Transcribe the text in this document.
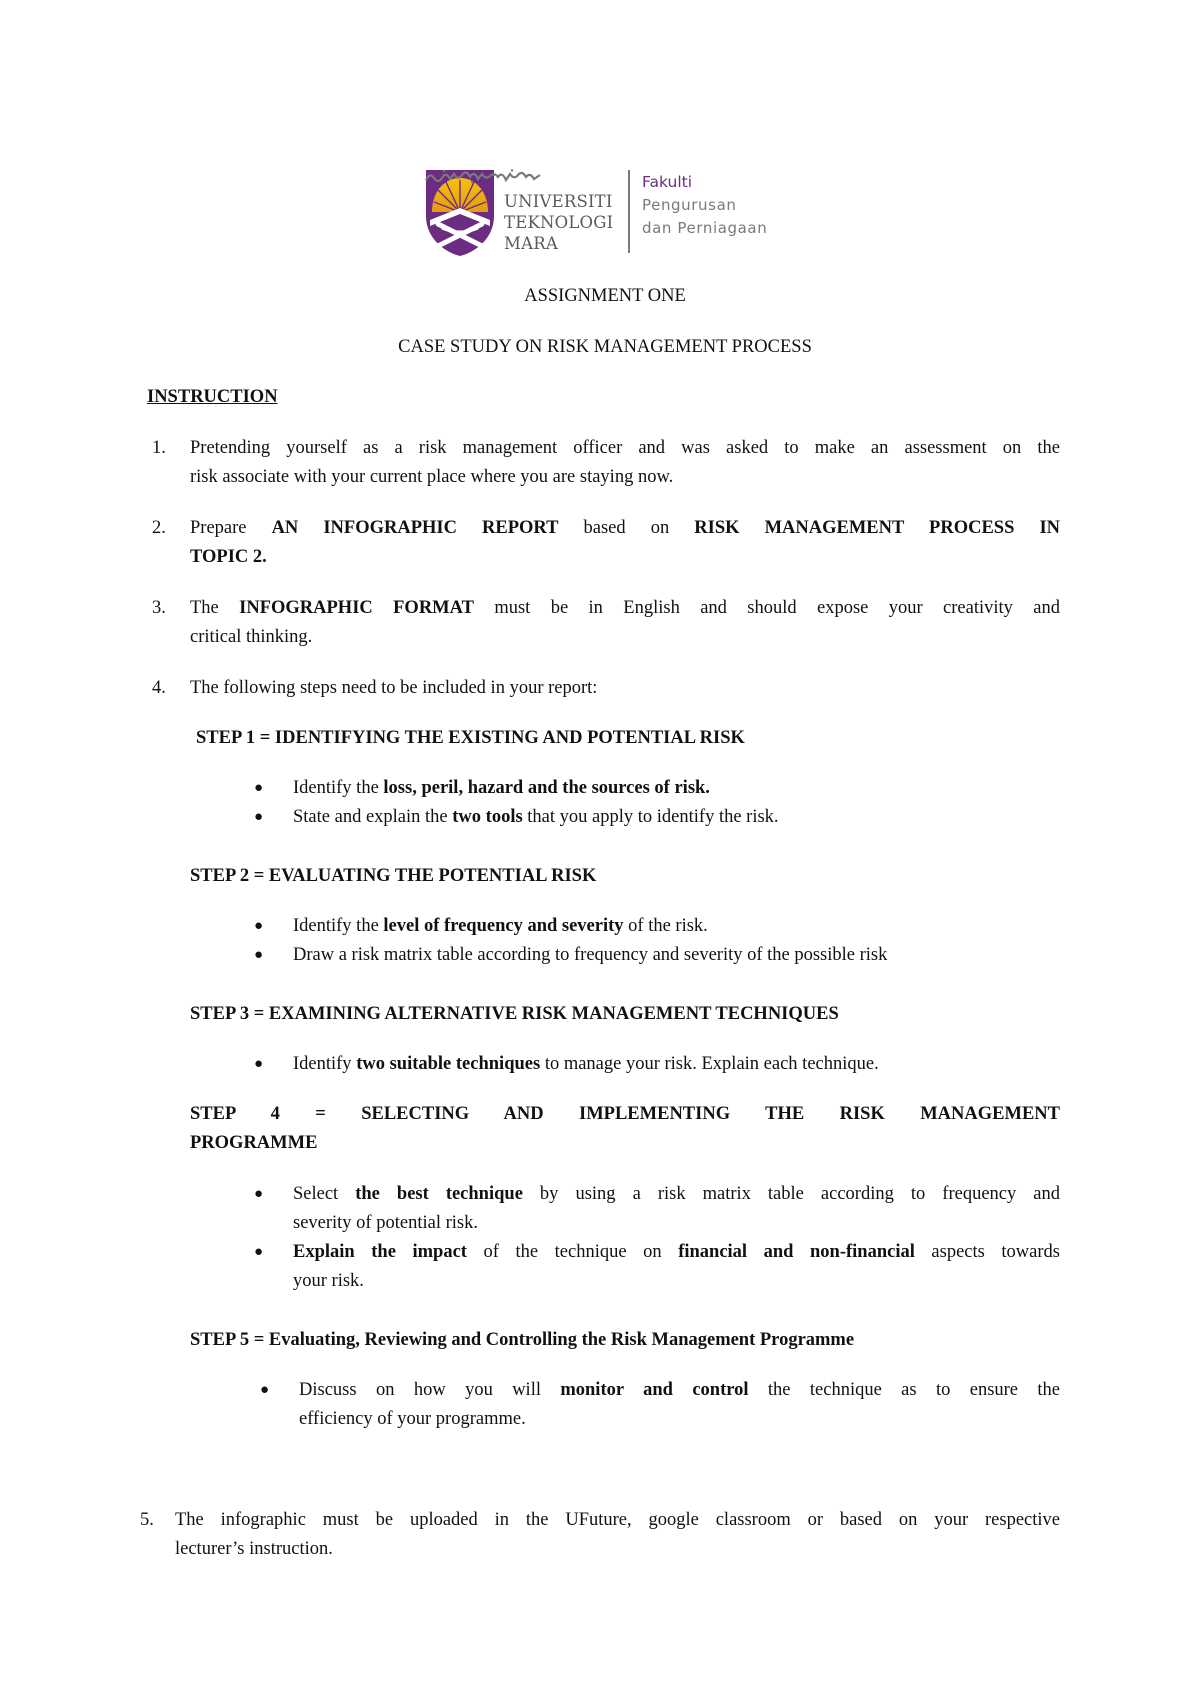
UNIVERSITI
TEKNOLOGI
MARA
Fakulti
Pengurusan
dan Perniagaan
ASSIGNMENT ONE
CASE STUDY ON RISK MANAGEMENT PROCESS
INSTRUCTION
1. Pretending yourself as a risk management officer and was asked to make an assessment on the
risk associate with your current place where you are staying now.
2. Prepare AN INFOGRAPHIC REPORT based on RISK MANAGEMENT PROCESS IN
TOPIC 2.
3. The INFOGRAPHIC FORMAT must be in English and should expose your creativity and
critical thinking.
4. The following steps need to be included in your report:
STEP 1 = IDENTIFYING THE EXISTING AND POTENTIAL RISK
● Identify the loss, peril, hazard and the sources of risk.
● State and explain the two tools that you apply to identify the risk.
STEP 2 = EVALUATING THE POTENTIAL RISK
● Identify the level of frequency and severity of the risk.
● Draw a risk matrix table according to frequency and severity of the possible risk
STEP 3 = EXAMINING ALTERNATIVE RISK MANAGEMENT TECHNIQUES
● Identify two suitable techniques to manage your risk. Explain each technique.
STEP 4 = SELECTING AND IMPLEMENTING THE RISK MANAGEMENT
PROGRAMME
● Select the best technique by using a risk matrix table according to frequency and
severity of potential risk.
● Explain the impact of the technique on financial and non-financial aspects towards
your risk.
STEP 5 = Evaluating, Reviewing and Controlling the Risk Management Programme
● Discuss on how you will monitor and control the technique as to ensure the
efficiency of your programme.
5. The infographic must be uploaded in the UFuture, google classroom or based on your respective
lecturer’s instruction.
